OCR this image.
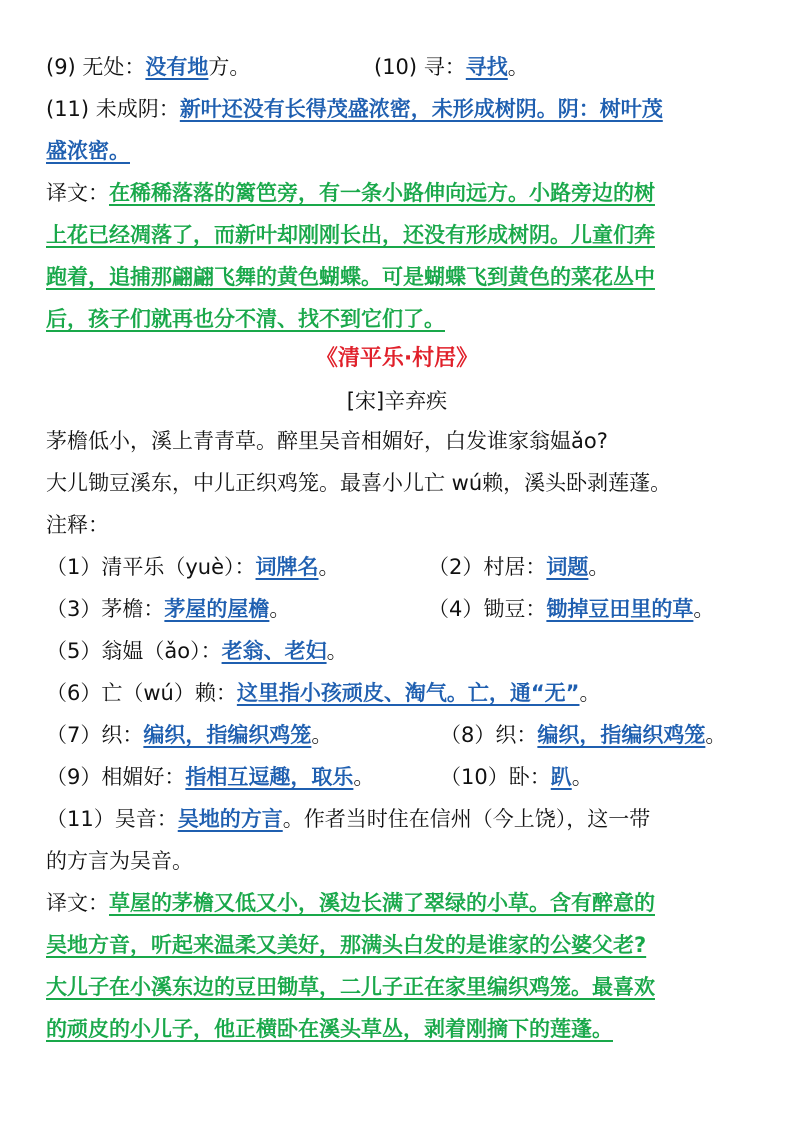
(9) 无处：没有地方。	(10) 寻：寻找。
(11) 未成阴：新叶还没有长得茂盛浓密，未形成树阴。阴：树叶茂
盛浓密。
译文：在稀稀落落的篱笆旁，有一条小路伸向远方。小路旁边的树
上花已经凋落了，而新叶却刚刚长出，还没有形成树阴。儿童们奔
跑着，追捕那翩翩飞舞的黄色蝴蝶。可是蝴蝶飞到黄色的菜花丛中
后，孩子们就再也分不清、找不到它们了。
《清平乐·村居》
[宋]辛弃疾
茅檐低小，溪上青青草。醉里吴音相媚好，白发谁家翁媪ǎo?
大儿锄豆溪东，中儿正织鸡笼。最喜小儿亡 wú赖，溪头卧剥莲蓬。
注释：
（1）清平乐（yuè）：词牌名。	（2）村居：词题。
（3）茅檐：茅屋的屋檐。	（4）锄豆：锄掉豆田里的草。
（5）翁媪（ǎo）：老翁、老妇。
（6）亡（wú）赖：这里指小孩顽皮、淘气。亡，通“无”。
（7）织：编织，指编织鸡笼。	（8）织：编织，指编织鸡笼。
（9）相媚好：指相互逗趣，取乐。	（10）卧：趴。
（11）吴音：吴地的方言。作者当时住在信州（今上饶），这一带
的方言为吴音。
译文：草屋的茅檐又低又小，溪边长满了翠绿的小草。含有醉意的
吴地方音，听起来温柔又美好，那满头白发的是谁家的公婆父老?
大儿子在小溪东边的豆田锄草，二儿子正在家里编织鸡笼。最喜欢
的顽皮的小儿子，他正横卧在溪头草丛，剥着刚摘下的莲蓬。
